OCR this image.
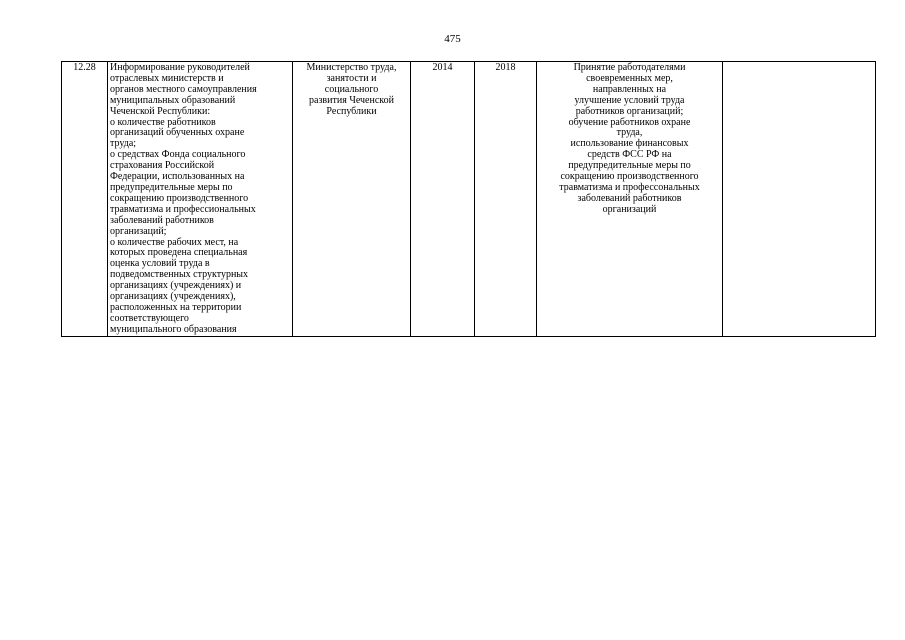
475
12.28	Информирование руководителей
отраслевых министерств и
органов местного самоуправления
муниципальных образований
Чеченской Республики:
о количестве работников
организаций обученных охране
труда;
о средствах Фонда социального
страхования Российской
Федерации, использованных на
предупредительные меры по
сокращению производственного
травматизма и профессиональных
заболеваний работников
организаций;
о количестве рабочих мест, на
которых проведена специальная
оценка условий труда в
подведомственных структурных
организациях (учреждениях) и
организациях (учреждениях),
расположенных на территории
соответствующего
муниципального образования	Министерство труда,
занятости и
социального
развития Чеченской
Республики	2014	2018	Принятие работодателями
своевременных мер,
направленных на
улучшение условий труда
работников организаций;
обучение работников охране
труда,
использование финансовых
средств ФСС РФ на
предупредительные меры по
сокращению производственного
травматизма и профессональных
заболеваний работников
организаций	
